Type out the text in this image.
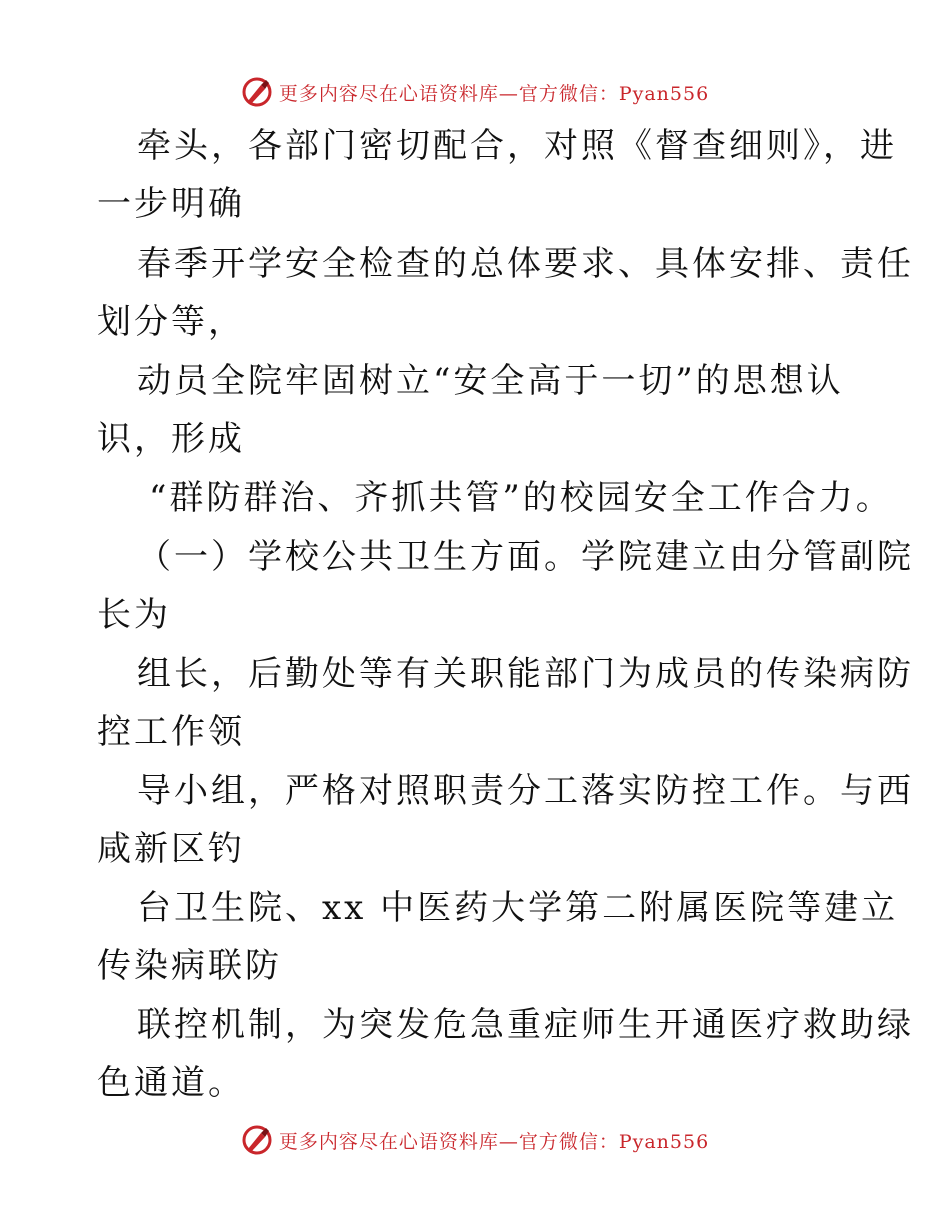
更多内容尽在心语资料库—官方微信：Pyan556
牵头，各部门密切配合，对照《督查细则》，进
一步明确
春季开学安全检查的总体要求、具体安排、责任
划分等，
动员全院牢固树立“安全高于一切”的思想认
识，形成
“群防群治、齐抓共管”的校园安全工作合力。
（一）学校公共卫生方面。学院建立由分管副院
长为
组长，后勤处等有关职能部门为成员的传染病防
控工作领
导小组，严格对照职责分工落实防控工作。与西
咸新区钓
台卫生院、xx 中医药大学第二附属医院等建立
传染病联防
联控机制，为突发危急重症师生开通医疗救助绿
色通道。
更多内容尽在心语资料库—官方微信：Pyan556
